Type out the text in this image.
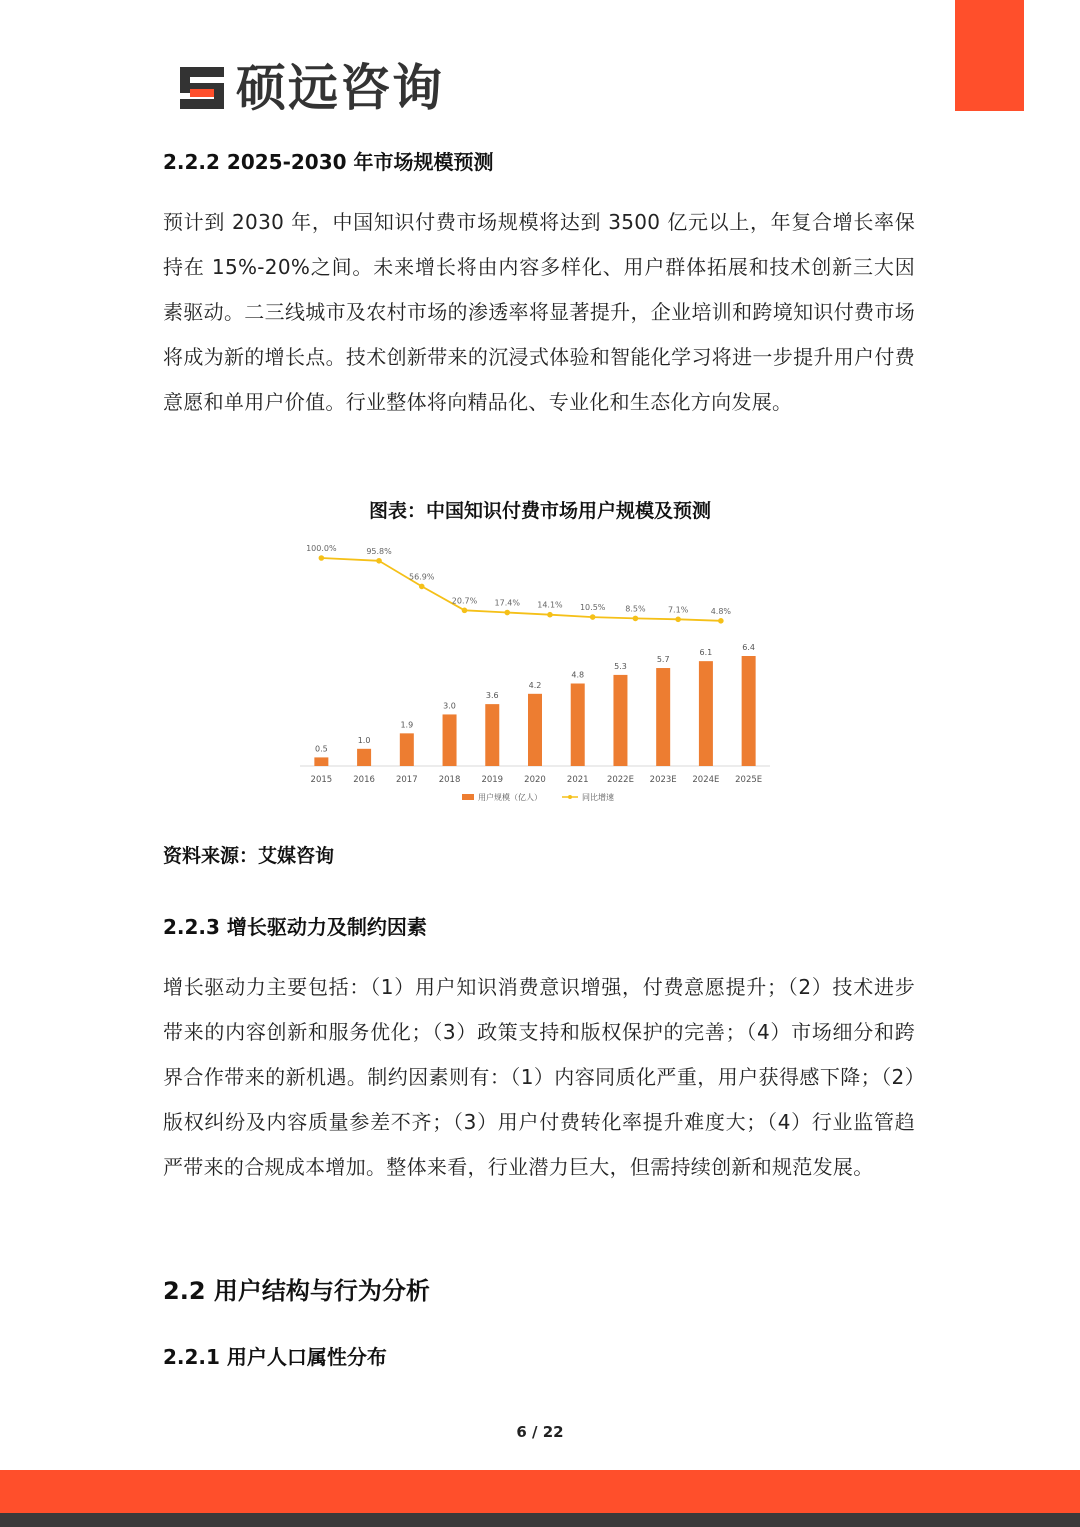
硕远咨询
2.2.2 2025-2030 年市场规模预测

预计到 2030 年，中国知识付费市场规模将达到 3500 亿元以上，年复合增长率保持在 15%-20%之间。未来增长将由内容多样化、用户群体拓展和技术创新三大因素驱动。二三线城市及农村市场的渗透率将显著提升，企业培训和跨境知识付费市场将成为新的增长点。技术创新带来的沉浸式体验和智能化学习将进一步提升用户付费意愿和单用户价值。行业整体将向精品化、专业化和生态化方向发展。

图表：中国知识付费市场用户规模及预测
0.5
2015
1.0
2016
1.9
2017
3.0
2018
3.6
2019
4.2
2020
4.8
2021
5.3
2022E
5.7
2023E
6.1
2024E
6.4
2025E
100.0%	95.8%
56.9%
20.7% 17.4% 14.1% 10.5% 8.5%	7.1%	4.8%
用户规模（亿人）	同比增速
资料来源：艾媒咨询
2.2.3 增长驱动力及制约因素

增长驱动力主要包括：（1）用户知识消费意识增强，付费意愿提升；（2）技术进步带来的内容创新和服务优化；（3）政策支持和版权保护的完善；（4）市场细分和跨界合作带来的新机遇。制约因素则有：（1）内容同质化严重，用户获得感下降；（2）版权纠纷及内容质量参差不齐；（3）用户付费转化率提升难度大；（4）行业监管趋严带来的合规成本增加。整体来看，行业潜力巨大，但需持续创新和规范发展。

2.2 用户结构与行为分析
2.2.1 用户人口属性分布
6 / 22
